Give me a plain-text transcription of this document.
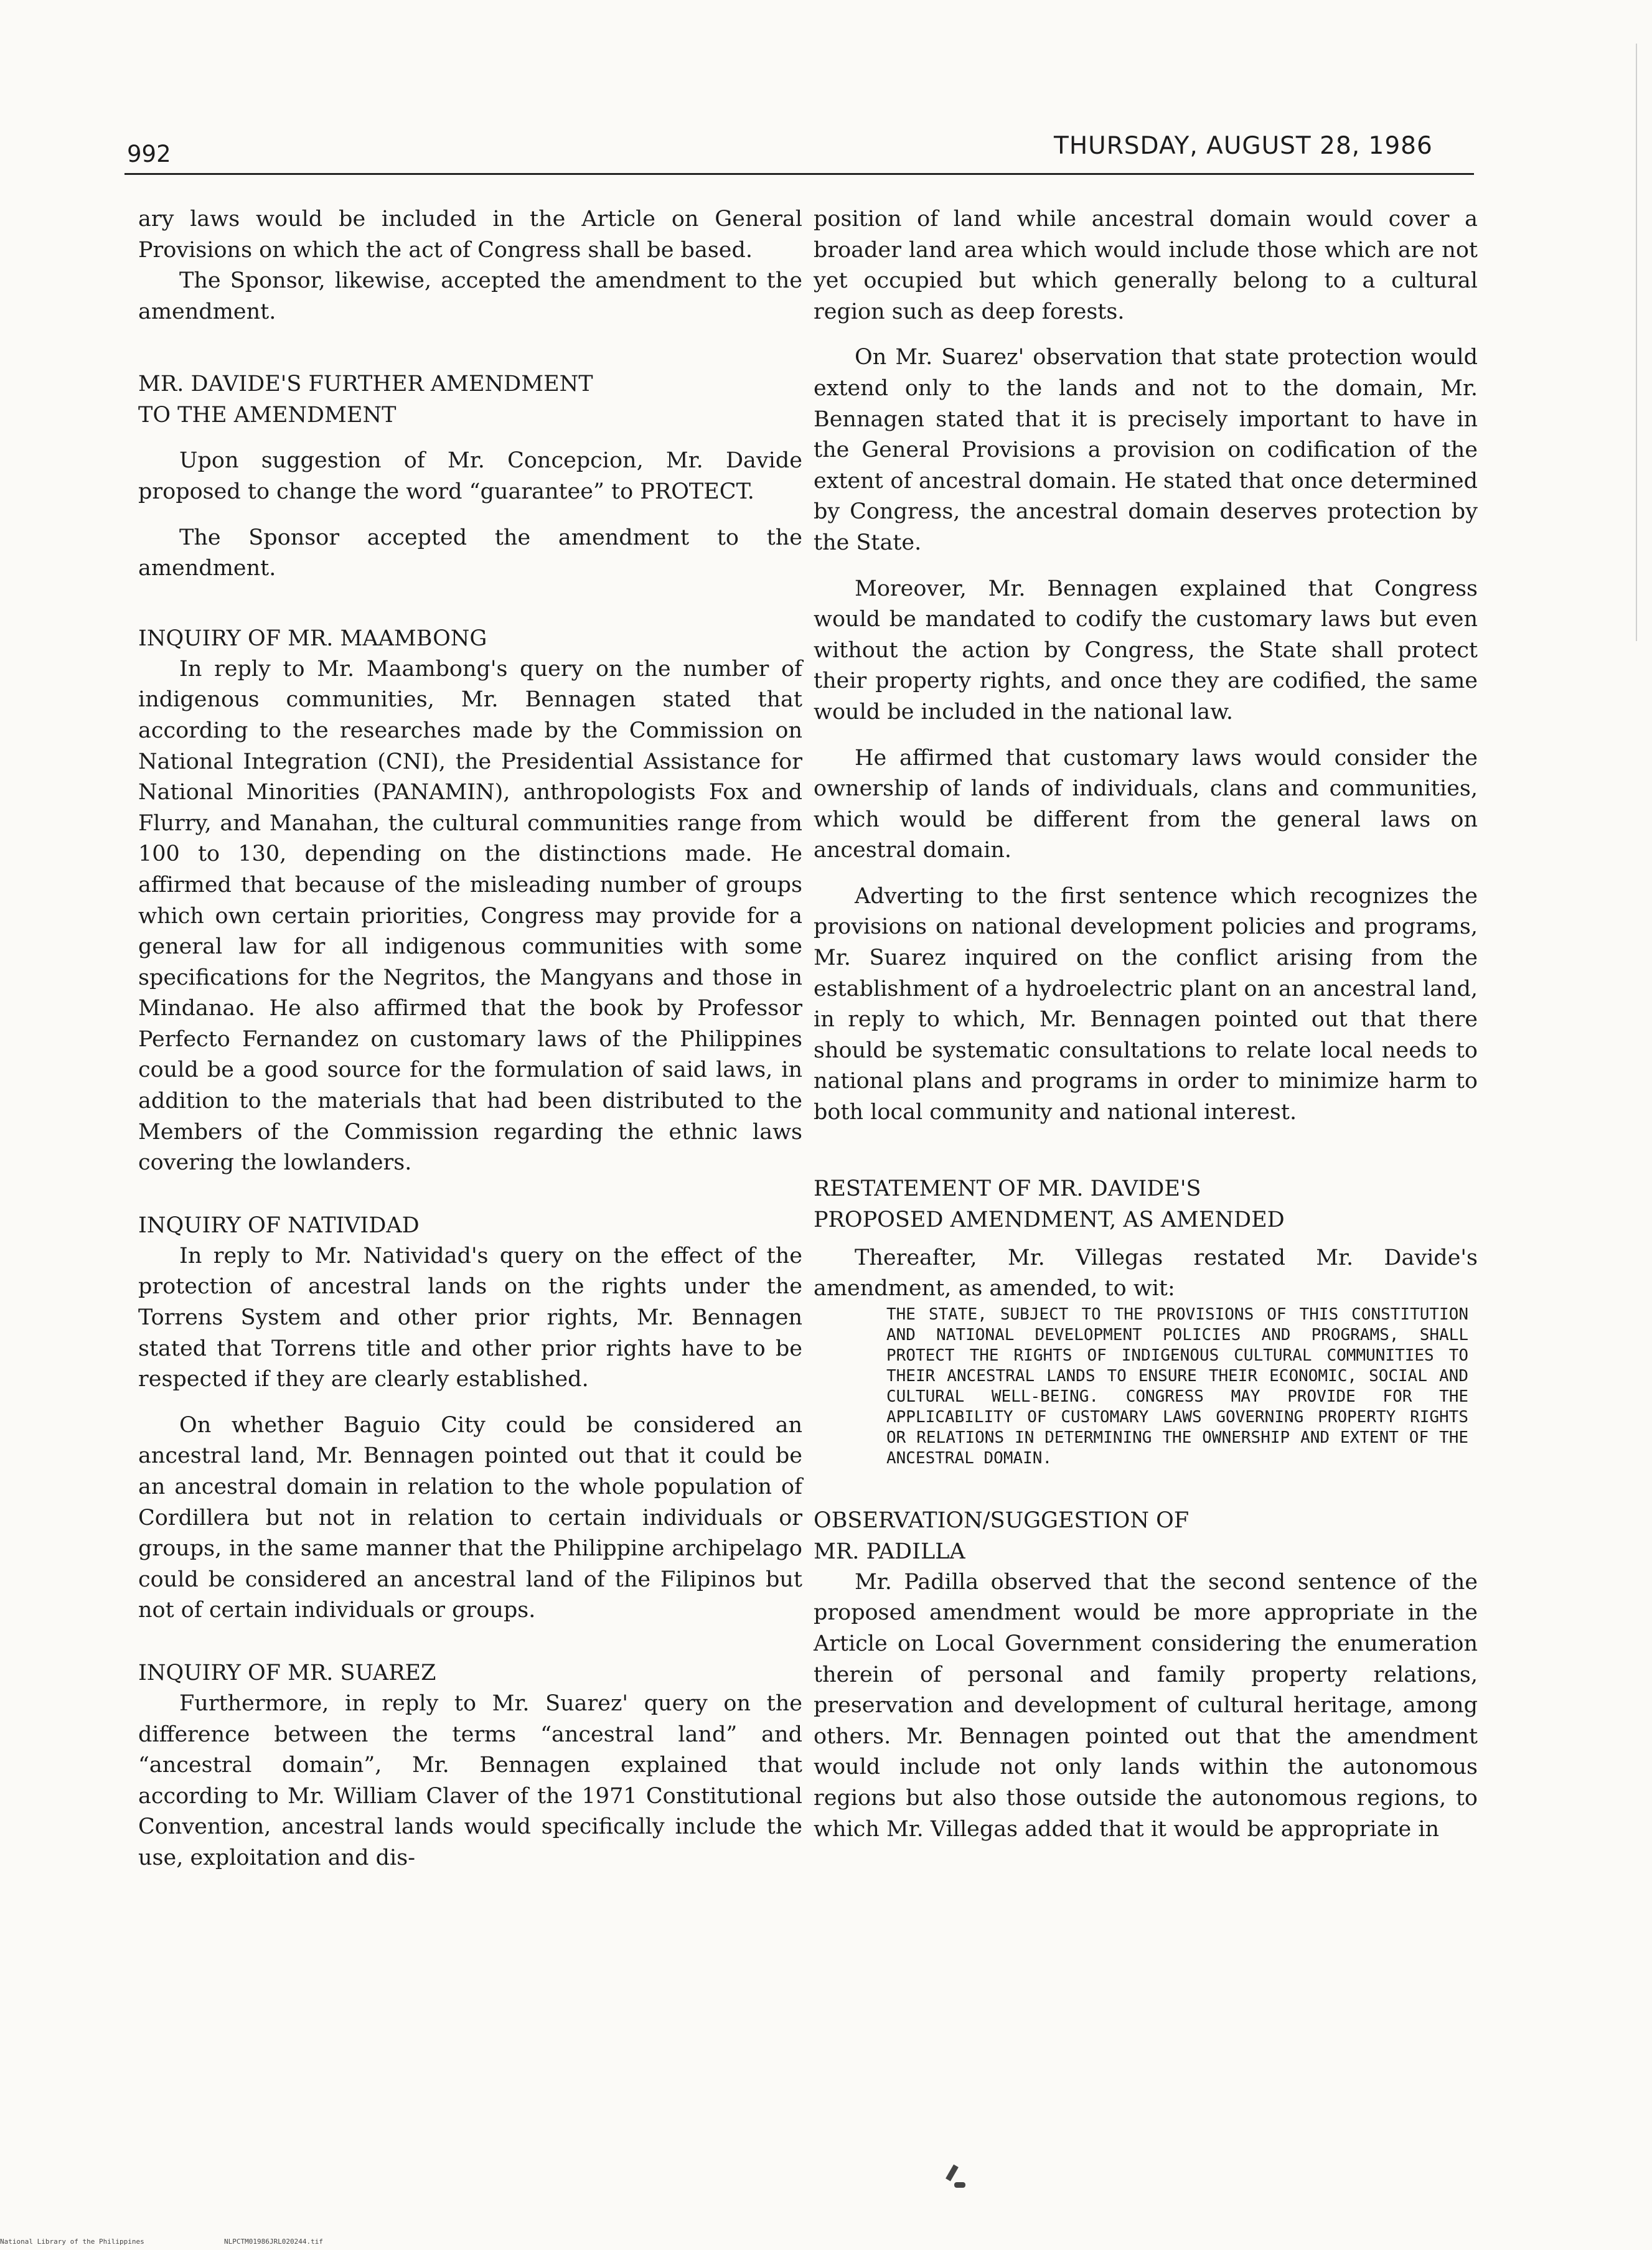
992	THURSDAY, AUGUST 28, 1986

ary laws would be included in the Article on General Provisions on which the act of Congress shall be based.

The Sponsor, likewise, accepted the amendment to the amendment.

MR. DAVIDE'S FURTHER AMENDMENT
TO THE AMENDMENT

Upon suggestion of Mr. Concepcion, Mr. Davide proposed to change the word “guarantee” to PROTECT.

The Sponsor accepted the amendment to the amendment.

INQUIRY OF MR. MAAMBONG

In reply to Mr. Maambong's query on the number of indigenous communities, Mr. Bennagen stated that according to the researches made by the Commission on National Integration (CNI), the Presidential Assistance for National Minorities (PANAMIN), anthropologists Fox and Flurry, and Manahan, the cultural communities range from 100 to 130, depending on the distinctions made. He affirmed that because of the misleading number of groups which own certain priorities, Congress may provide for a general law for all indigenous communities with some specifications for the Negritos, the Mangyans and those in Mindanao. He also affirmed that the book by Professor Perfecto Fernandez on customary laws of the Philippines could be a good source for the formulation of said laws, in addition to the materials that had been distributed to the Members of the Commission regarding the ethnic laws covering the lowlanders.

INQUIRY OF NATIVIDAD

In reply to Mr. Natividad's query on the effect of the protection of ancestral lands on the rights under the Torrens System and other prior rights, Mr. Bennagen stated that Torrens title and other prior rights have to be respected if they are clearly established.

On whether Baguio City could be considered an ancestral land, Mr. Bennagen pointed out that it could be an ancestral domain in relation to the whole population of Cordillera but not in relation to certain individuals or groups, in the same manner that the Philippine archipelago could be considered an ancestral land of the Filipinos but not of certain individuals or groups.

INQUIRY OF MR. SUAREZ

Furthermore, in reply to Mr. Suarez' query on the difference between the terms “ancestral land” and “ancestral domain”, Mr. Bennagen explained that according to Mr. William Claver of the 1971 Constitutional Convention, ancestral lands would specifically include the use, exploitation and dis-

position of land while ancestral domain would cover a broader land area which would include those which are not yet occupied but which generally belong to a cultural region such as deep forests.

On Mr. Suarez' observation that state protection would extend only to the lands and not to the domain, Mr. Bennagen stated that it is precisely important to have in the General Provisions a provision on codification of the extent of ancestral domain. He stated that once determined by Congress, the ancestral domain deserves protection by the State.

Moreover, Mr. Bennagen explained that Congress would be mandated to codify the customary laws but even without the action by Congress, the State shall protect their property rights, and once they are codified, the same would be included in the national law.

He affirmed that customary laws would consider the ownership of lands of individuals, clans and communities, which would be different from the general laws on ancestral domain.

Adverting to the first sentence which recognizes the provisions on national development policies and programs, Mr. Suarez inquired on the conflict arising from the establishment of a hydroelectric plant on an ancestral land, in reply to which, Mr. Bennagen pointed out that there should be systematic consultations to relate local needs to national plans and programs in order to minimize harm to both local community and national interest.

RESTATEMENT OF MR. DAVIDE'S
PROPOSED AMENDMENT, AS AMENDED

Thereafter, Mr. Villegas restated Mr. Davide's amendment, as amended, to wit:

THE STATE, SUBJECT TO THE PROVISIONS OF THIS CONSTITUTION AND NATIONAL DEVELOPMENT POLICIES AND PROGRAMS, SHALL PROTECT THE RIGHTS OF INDIGENOUS CULTURAL COMMUNITIES TO THEIR ANCESTRAL LANDS TO ENSURE THEIR ECONOMIC, SOCIAL AND CULTURAL WELL-BEING. CONGRESS MAY PROVIDE FOR THE APPLICABILITY OF CUSTOMARY LAWS GOVERNING PROPERTY RIGHTS OR RELATIONS IN DETERMINING THE OWNERSHIP AND EXTENT OF THE ANCESTRAL DOMAIN.
OBSERVATION/SUGGESTION OF
MR. PADILLA

Mr. Padilla observed that the second sentence of the proposed amendment would be more appropriate in the Article on Local Government considering the enumeration therein of personal and family property relations, preservation and development of cultural heritage, among others. Mr. Bennagen pointed out that the amendment would include not only lands within the autonomous regions but also those outside the autonomous regions, to which Mr. Villegas added that it would be appropriate in

National Library of the Philippines	NLPCTM01986JRL020244.tif
